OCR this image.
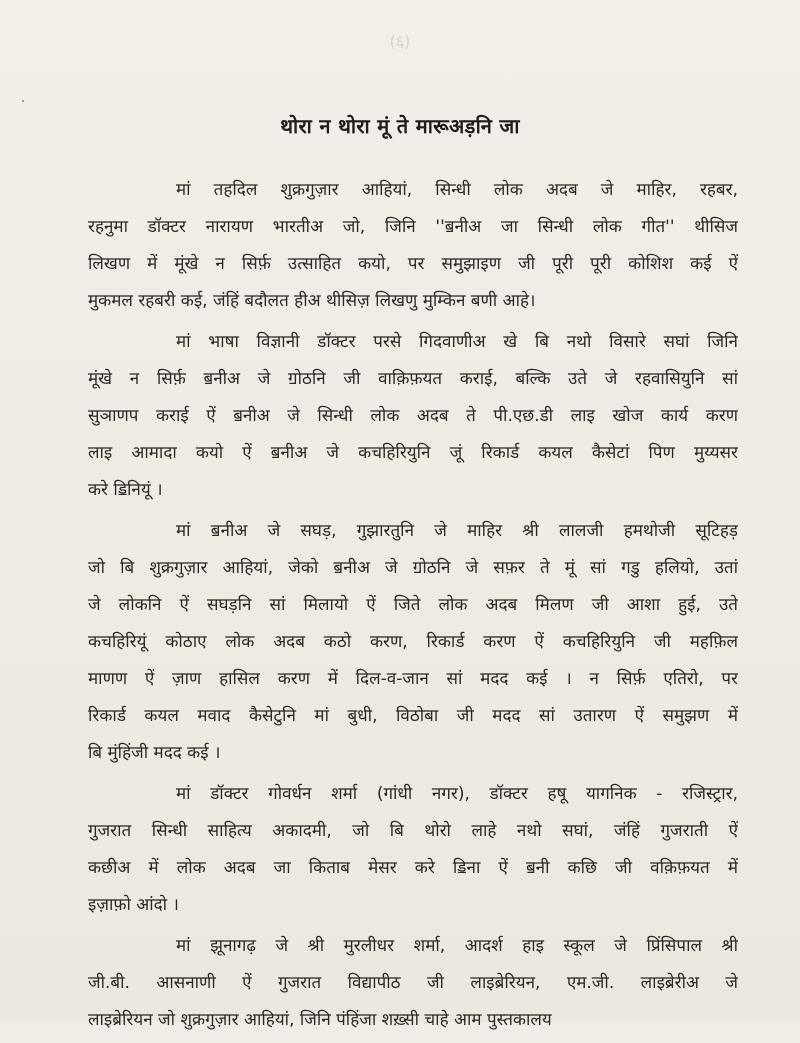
(६)
थोरा न थोरा मूं ते मारूअड़नि जा
मां तहदिल शुक्रगुज़ार आहियां, सिन्धी लोक अदब जे माहिर, रहबर,
रहनुमा डॉक्टर नारायण भारतीअ जो, जिनि ''ॿनीअ जा सिन्धी लोक गीत'' थीसिज
लिखण में मूंखे न सिर्फ़ उत्साहित कयो, पर समुझाइण जी पूरी पूरी कोशिश कई ऐं
मुकमल रहबरी कई, जंहिं बदौलत हीअ थीसिज़ लिखणु मुम्किन बणी आहे।
मां भाषा विज्ञानी डॉक्टर परसे गिदवाणीअ खे बि नथो विसारे सघां जिनि
मूंखे न सिर्फ़ ॿनीअ जे ॻोठनि जी वाक़िफ़यत कराई, बल्कि उते जे रहवासियुनि सां
सुञाणप कराई ऐं ॿनीअ जे सिन्धी लोक अदब ते पी.एछ.डी लाइ खोज कार्य करण
लाइ आमादा कयो ऐं ॿनीअ जे कचहिरियुनि जूं रिकार्ड कयल कैसेटां पिण मुय्यसर
करे ॾिनियूं ।
मां ॿनीअ जे सघड़, गुझारतुनि जे माहिर श्री लालजी हमथोजी सूटिहड़
जो बि शुक्रगुज़ार आहियां, जेको ॿनीअ जे ॻोठनि जे सफ़र ते मूं सां गडु हलियो, उतां
जे लोकनि ऐं सघड़नि सां मिलायो ऐं जिते लोक अदब मिलण जी आशा हुई, उते
कचहिरियूं कोठाए लोक अदब कठो करण, रिकार्ड करण ऐं कचहिरियुनि जी महफ़िल
माणण ऐं ज़ाण हासिल करण में दिल-व-जान सां मदद कई । न सिर्फ़ एतिरो, पर
रिकार्ड कयल मवाद कैसेटुनि मां बुधी, विठोबा जी मदद सां उतारण ऐं समुझण में
बि मुंहिंजी मदद कई ।
मां डॉक्टर गोवर्धन शर्मा (गांधी नगर), डॉक्टर हषू यागनिक - रजिस्ट्रार,
गुजरात सिन्धी साहित्य अकादमी, जो बि थोरो लाहे नथो सघां, जंहिं गुजराती ऐं
कछीअ में लोक अदब जा किताब मेसर करे ॾिना ऐं ॿनी कछि जी वक़िफ़यत में
इज़ाफ़ो आंदो ।
मां झूनागढ़ जे श्री मुरलीधर शर्मा, आदर्श हाइ स्कूल जे प्रिंसिपाल श्री
जी.बी. आसनाणी ऐं गुजरात विद्यापीठ जी लाइब्रेरियन, एम.जी. लाइब्रेरीअ जे
लाइब्रेरियन जो शुक्रगुज़ार आहियां, जिनि पंहिंजा शख़्सी चाहे आम पुस्तकालय
